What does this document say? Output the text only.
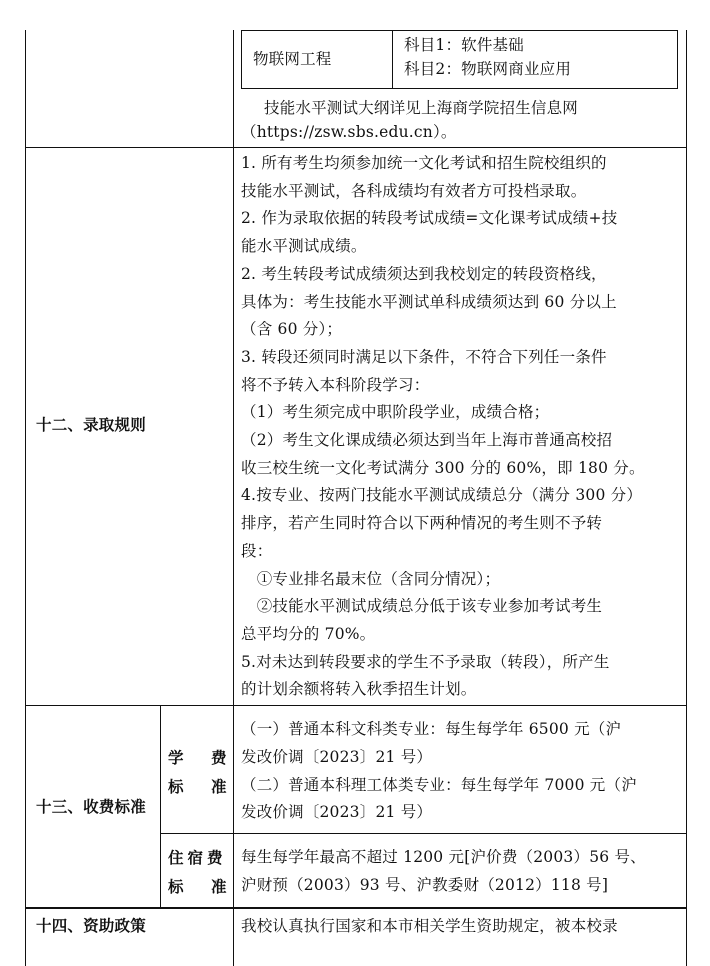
物联网工程
科目1：软件基础
科目2：物联网商业应用
技能水平测试大纲详见上海商学院招生信息网
（https://zsw.sbs.edu.cn）。
十二、录取规则
1. 所有考生均须参加统一文化考试和招生院校组织的
技能水平测试，各科成绩均有效者方可投档录取。
2. 作为录取依据的转段考试成绩=文化课考试成绩+技
能水平测试成绩。
2. 考生转段考试成绩须达到我校划定的转段资格线，
具体为：考生技能水平测试单科成绩须达到 60 分以上
（含 60 分）；
3. 转段还须同时满足以下条件，不符合下列任一条件
将不予转入本科阶段学习：
（1）考生须完成中职阶段学业，成绩合格；
（2）考生文化课成绩必须达到当年上海市普通高校招
收三校生统一文化考试满分 300 分的 60%，即 180 分。
4.按专业、按两门技能水平测试成绩总分（满分 300 分）
排序，若产生同时符合以下两种情况的考生则不予转
段：
　①专业排名最末位（含同分情况）；
　②技能水平测试成绩总分低于该专业参加考试考生
总平均分的 70%。
5.对未达到转段要求的学生不予录取（转段），所产生
的计划余额将转入秋季招生计划。
十三、收费标准
学　费
标　准
（一）普通本科文科类专业：每生每学年 6500 元（沪
发改价调〔2023〕21 号）
（二）普通本科理工体类专业：每生每学年 7000 元（沪
发改价调〔2023〕21 号）
住宿费
标　准
每生每学年最高不超过 1200 元[沪价费（2003）56 号、
沪财预（2003）93 号、沪教委财（2012）118 号]
十四、资助政策	我校认真执行国家和本市相关学生资助规定，被本校录
